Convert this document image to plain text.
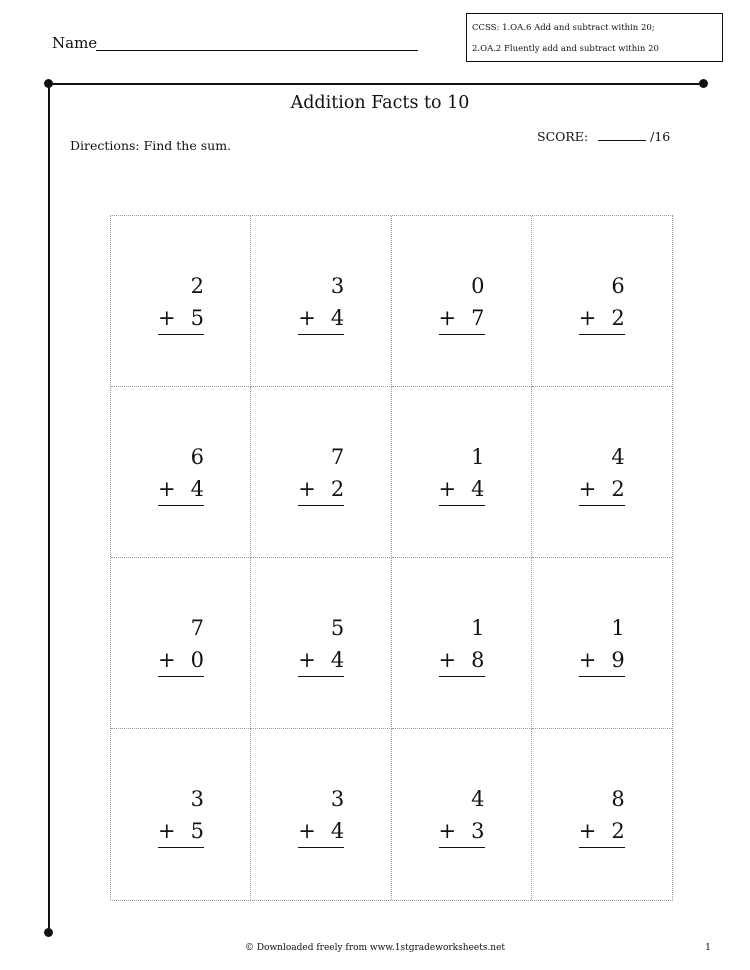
Name
CCSS: 1.OA.6 Add and subtract within 20;
2.OA.2 Fluently add and subtract within 20
Addition Facts to 10
Directions: Find the sum.
SCORE:	/16
2
+ 5
3
+ 4
0
+ 7
6
+ 2
6
+ 4
7
+ 2
1
+ 4
4
+ 2
7
+ 0
5
+ 4
1
+ 8
1
+ 9
3
+ 5
3
+ 4
4
+ 3
8
+ 2
© Downloaded freely from www.1stgradeworksheets.net	1
